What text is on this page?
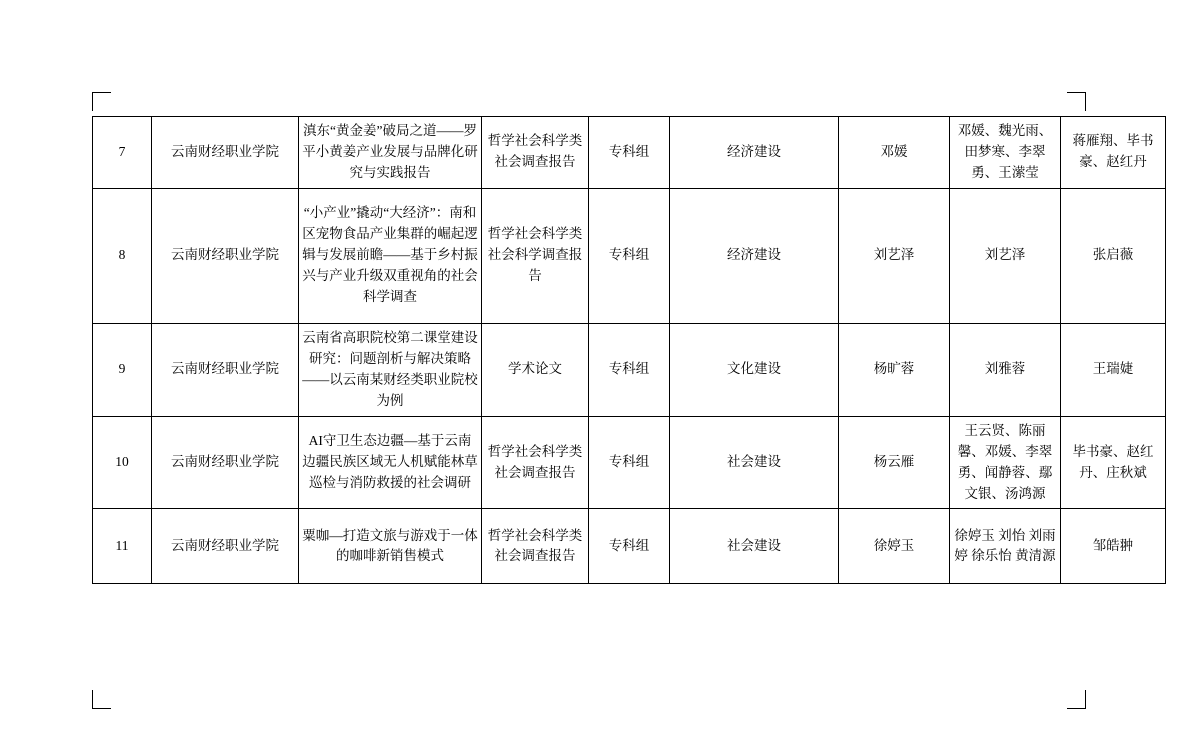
7	云南财经职业学院	滇东“黄金姜”破局之道——罗平小黄姜产业发展与品牌化研究与实践报告	哲学社会科学类社会调查报告	专科组	经济建设	邓媛	邓媛、魏光雨、田梦寒、李翠勇、王潆莹	蒋雁翔、毕书豪、赵红丹
8	云南财经职业学院	“小产业”撬动“大经济”：南和区宠物食品产业集群的崛起逻辑与发展前瞻——基于乡村振兴与产业升级双重视角的社会科学调查	哲学社会科学类社会科学调查报告	专科组	经济建设	刘艺泽	刘艺泽	张启薇
9	云南财经职业学院	云南省高职院校第二课堂建设研究：问题剖析与解决策略——以云南某财经类职业院校为例	学术论文	专科组	文化建设	杨旷蓉	刘雅蓉	王瑞婕
10	云南财经职业学院	AI守卫生态边疆—基于云南边疆民族区域无人机赋能林草巡检与消防救援的社会调研	哲学社会科学类社会调查报告	专科组	社会建设	杨云雁	王云贤、陈丽馨、邓媛、李翠勇、闻静蓉、鄢文银、汤鸿源	毕书豪、赵红丹、庄秋斌
11	云南财经职业学院	粟咖—打造文旅与游戏于一体的咖啡新销售模式	哲学社会科学类社会调查报告	专科组	社会建设	徐婷玉	徐婷玉 刘怡 刘雨婷 徐乐怡 黄清源	邹皓翀
